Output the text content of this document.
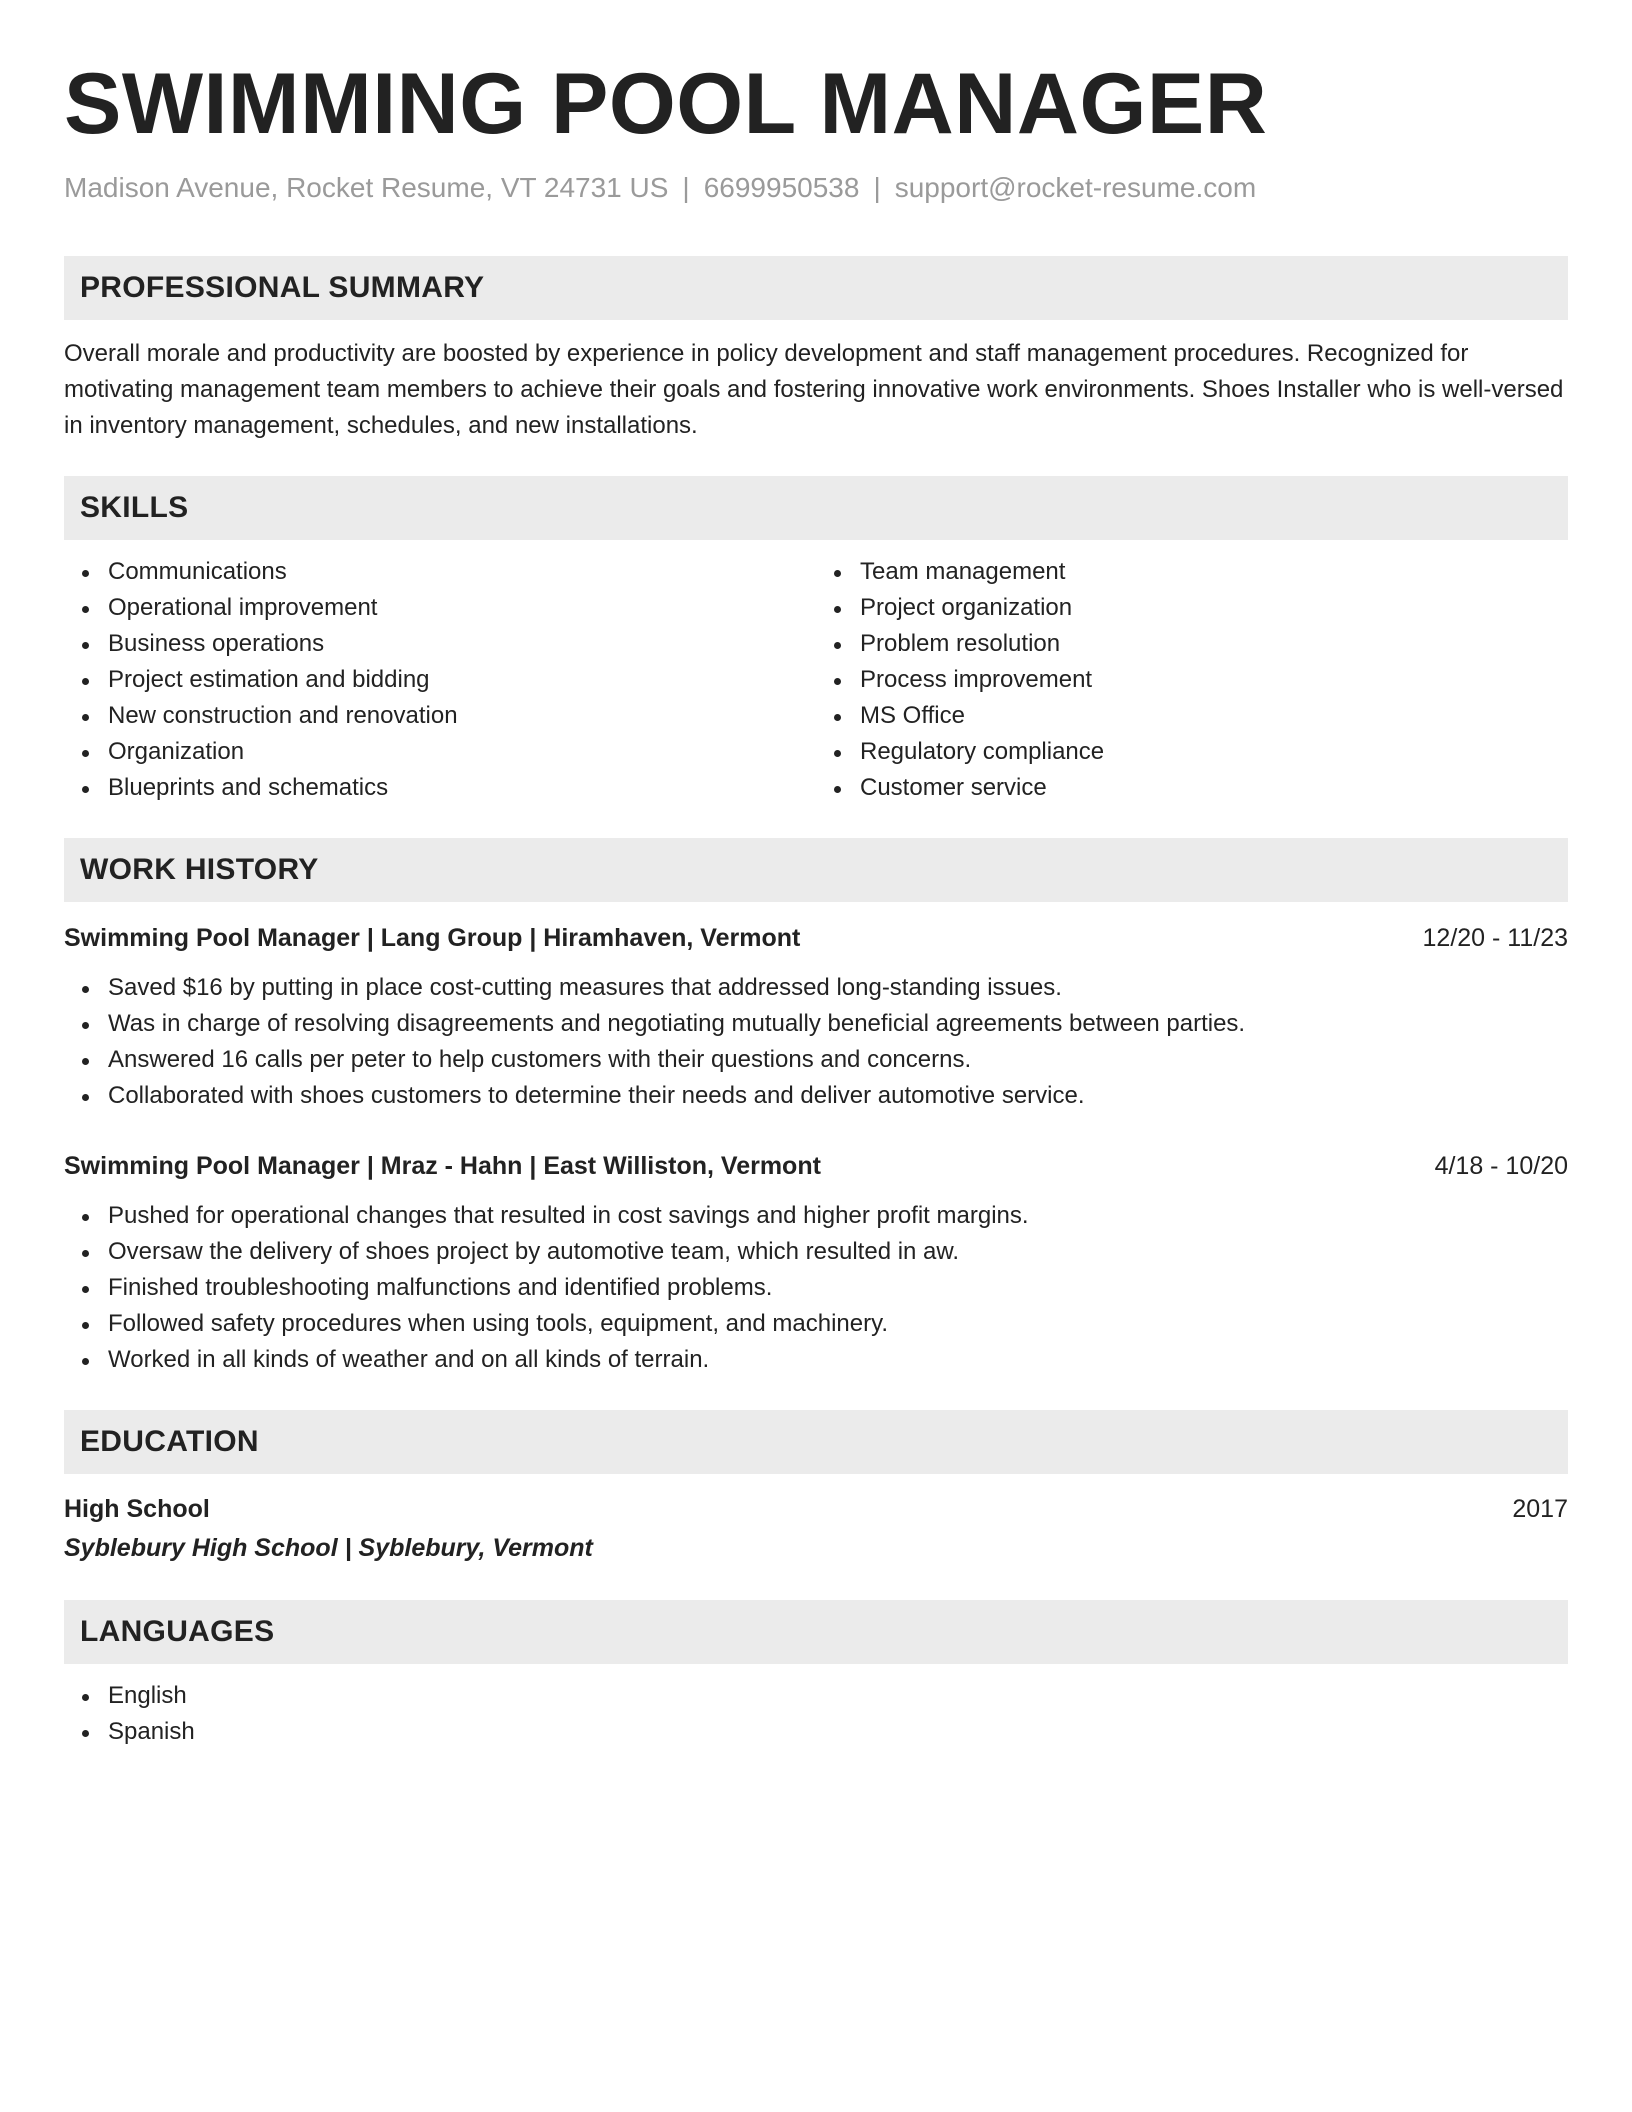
SWIMMING POOL MANAGER
Madison Avenue, Rocket Resume, VT 24731 US | 6699950538 | support@rocket-resume.com
PROFESSIONAL SUMMARY
Overall morale and productivity are boosted by experience in policy development and staff management procedures. Recognized for motivating management team members to achieve their goals and fostering innovative work environments. Shoes Installer who is well-versed in inventory management, schedules, and new installations.
SKILLS
Communications
Operational improvement
Business operations
Project estimation and bidding
New construction and renovation
Organization
Blueprints and schematics
Team management
Project organization
Problem resolution
Process improvement
MS Office
Regulatory compliance
Customer service
WORK HISTORY
Swimming Pool Manager | Lang Group | Hiramhaven, Vermont	12/20 - 11/23
Saved $16 by putting in place cost-cutting measures that addressed long-standing issues.
Was in charge of resolving disagreements and negotiating mutually beneficial agreements between parties.
Answered 16 calls per peter to help customers with their questions and concerns.
Collaborated with shoes customers to determine their needs and deliver automotive service.
Swimming Pool Manager | Mraz - Hahn | East Williston, Vermont	4/18 - 10/20
Pushed for operational changes that resulted in cost savings and higher profit margins.
Oversaw the delivery of shoes project by automotive team, which resulted in aw.
Finished troubleshooting malfunctions and identified problems.
Followed safety procedures when using tools, equipment, and machinery.
Worked in all kinds of weather and on all kinds of terrain.
EDUCATION
High School	2017
Syblebury High School | Syblebury, Vermont
LANGUAGES
English
Spanish
